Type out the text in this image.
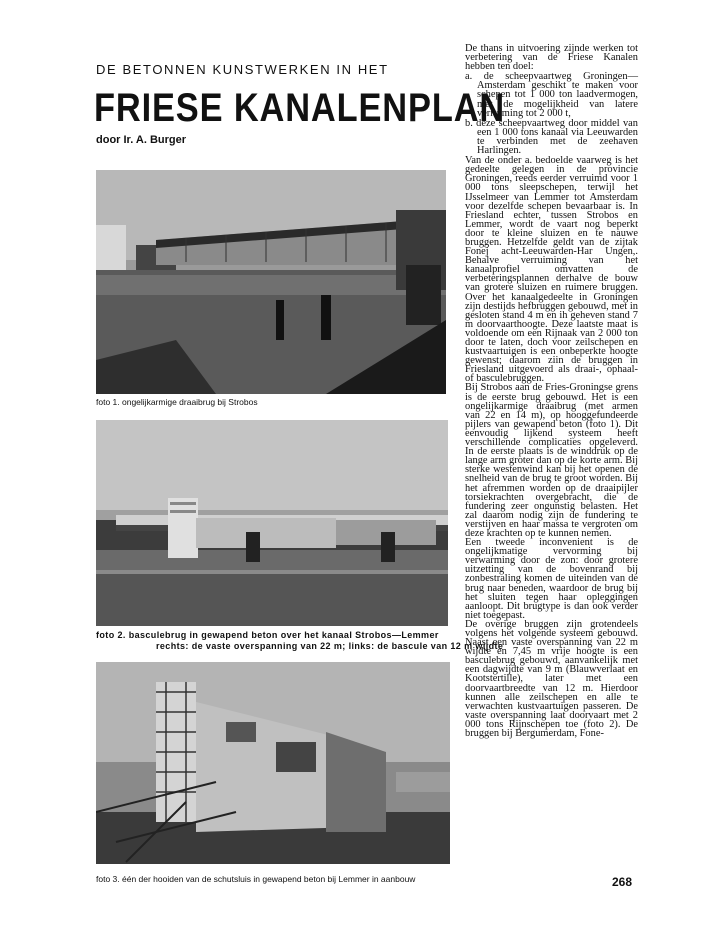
DE BETONNEN KUNSTWERKEN IN HET
FRIESE KANALENPLAN
door Ir. A. Burger
foto 1. ongelijkarmige draaibrug bij Strobos
foto 2. basculebrug in gewapend beton over het kanaal Strobos—Lemmer
rechts: de vaste overspanning van 22 m; links: de bascule van 12 m wijdte
foto 3. één der hooiden van de schutsluis in gewapend beton bij Lemmer in aanbouw

De thans in uitvoering zijnde werken tot verbetering van de Friese Kanalen hebben ten doel:

a. de scheepvaartweg Groningen—Amsterdam geschikt te maken voor schepen tot 1 000 ton laadvermogen, met de mogelijkheid van latere verruiming tot 2 000 t,

b. deze scheepvaartweg door middel van een 1 000 tons kanaal via Leeuwarden te verbinden met de zeehaven Harlingen.

Van de onder a. bedoelde vaarweg is het gedeelte gelegen in de provincie Groningen, reeds eerder verruimd voor 1 000 tons sleepschepen, terwijl het IJsselmeer van Lemmer tot Amsterdam voor dezelfde schepen bevaarbaar is. In Friesland echter, tussen Strobos en Lemmer, wordt de vaart nog beperkt door te kleine sluizen en te nauwe bruggen. Hetzelfde geldt van de zijtak Fonej acht-Leeuwarden-Har Ungen,. Behalve verruiming van het kanaalprofiel omvatten de verbeteringsplannen derhalve de bouw van grotere sluizen en ruimere bruggen. Over het kanaalgedeelte in Groningen zijn destijds hefbruggen gebouwd, met in gesloten stand 4 m en ih geheven stand 7 m doorvaarthoogte. Deze laatste maat is voldoende om een Rijnaak van 2 000 ton door te laten, doch voor zeilschepen en kustvaartuigen is een onbeperkte hoogte gewenst; daarom ziin de bruggen in Friesland uitgevoerd als draai-, ophaal- of basculebruggen.

Bij Strobos aan de Fries-Groningse grens is de eerste brug gebouwd. Het is een ongelijkarmige draaibrug (met armen van 22 en 14 m), op hooggefundeerde pijlers van gewapend beton (foto 1). Dit eenvoudig lijkend systeem heeft verschillende complicaties opgeleverd. In de eerste plaats is de winddruk op de lange arm groter dan op de korte arm. Bij sterke westenwind kan bij het openen de snelheid van de brug te groot worden. Bij het afremmen worden op de draaipijler torsiekrachten overgebracht, die de fundering zeer ongunstig belasten. Het zal daarom nodig zijn de fundering te verstijven en haar massa te vergroten om deze krachten op te kunnen nemen.

Een tweede inconvenient is de ongelijkmatige vervorming bij verwarming door de zon: door grotere uitzetting van de bovenrand bij zonbestraling komen de uiteinden van de brug naar beneden, waardoor de brug bij het sluiten tegen haar opleggingen aanloopt. Dit brugtype is dan ook verder niet toegepast.

De overige bruggen zijn grotendeels volgens het volgende systeem gebouwd. Naast een vaste overspanning van 22 m wijdte en 7,45 m vrije hoogte is een basculebrug gebouwd, aanvankelijk met een dagwijdte van 9 m (Blauwverlaat en Kootstertille), later met een doorvaartbreedte van 12 m. Hierdoor kunnen alle zeilschepen en alle te verwachten kustvaartuigen passeren. De vaste overspanning laat doorvaart met 2 000 tons Rijnschepen toe (foto 2). De bruggen bij Bergumerdam, Fone-

268
